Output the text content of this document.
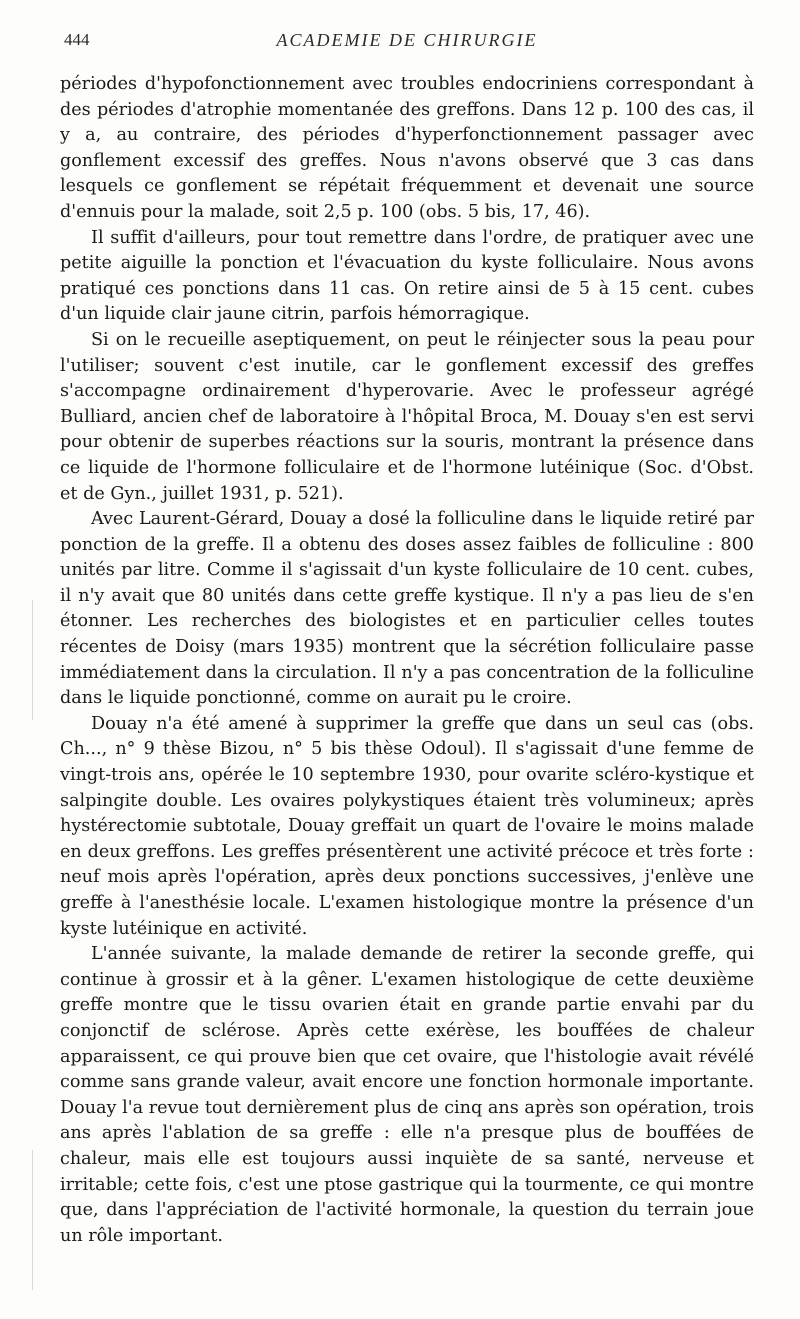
444	ACADEMIE DE CHIRURGIE

périodes d'hypofonctionnement avec troubles endocriniens correspondant à des périodes d'atrophie momentanée des greffons. Dans 12 p. 100 des cas, il y a, au contraire, des périodes d'hyperfonctionnement passager avec gonflement excessif des greffes. Nous n'avons observé que 3 cas dans lesquels ce gonflement se répétait fréquemment et devenait une source d'ennuis pour la malade, soit 2,5 p. 100 (obs. 5 bis, 17, 46).

Il suffit d'ailleurs, pour tout remettre dans l'ordre, de pratiquer avec une petite aiguille la ponction et l'évacuation du kyste folliculaire. Nous avons pratiqué ces ponctions dans 11 cas. On retire ainsi de 5 à 15 cent. cubes d'un liquide clair jaune citrin, parfois hémorragique.

Si on le recueille aseptiquement, on peut le réinjecter sous la peau pour l'utiliser; souvent c'est inutile, car le gonflement excessif des greffes s'accompagne ordinairement d'hyperovarie. Avec le professeur agrégé Bulliard, ancien chef de laboratoire à l'hôpital Broca, M. Douay s'en est servi pour obtenir de superbes réactions sur la souris, montrant la présence dans ce liquide de l'hormone folliculaire et de l'hormone lutéinique (Soc. d'Obst. et de Gyn., juillet 1931, p. 521).

Avec Laurent-Gérard, Douay a dosé la folliculine dans le liquide retiré par ponction de la greffe. Il a obtenu des doses assez faibles de folliculine : 800 unités par litre. Comme il s'agissait d'un kyste folliculaire de 10 cent. cubes, il n'y avait que 80 unités dans cette greffe kystique. Il n'y a pas lieu de s'en étonner. Les recherches des biologistes et en particulier celles toutes récentes de Doisy (mars 1935) montrent que la sécrétion folliculaire passe immédiatement dans la circulation. Il n'y a pas concentration de la folliculine dans le liquide ponctionné, comme on aurait pu le croire.

Douay n'a été amené à supprimer la greffe que dans un seul cas (obs. Ch..., n° 9 thèse Bizou, n° 5 bis thèse Odoul). Il s'agissait d'une femme de vingt-trois ans, opérée le 10 septembre 1930, pour ovarite scléro-kystique et salpingite double. Les ovaires polykystiques étaient très volumineux; après hystérectomie subtotale, Douay greffait un quart de l'ovaire le moins malade en deux greffons. Les greffes présentèrent une activité précoce et très forte : neuf mois après l'opération, après deux ponctions successives, j'enlève une greffe à l'anesthésie locale. L'examen histologique montre la présence d'un kyste lutéinique en activité.

L'année suivante, la malade demande de retirer la seconde greffe, qui continue à grossir et à la gêner. L'examen histologique de cette deuxième greffe montre que le tissu ovarien était en grande partie envahi par du conjonctif de sclérose. Après cette exérèse, les bouffées de chaleur apparaissent, ce qui prouve bien que cet ovaire, que l'histologie avait révélé comme sans grande valeur, avait encore une fonction hormonale importante. Douay l'a revue tout dernièrement plus de cinq ans après son opération, trois ans après l'ablation de sa greffe : elle n'a presque plus de bouffées de chaleur, mais elle est toujours aussi inquiète de sa santé, nerveuse et irritable; cette fois, c'est une ptose gastrique qui la tourmente, ce qui montre que, dans l'appréciation de l'activité hormonale, la question du terrain joue un rôle important.
